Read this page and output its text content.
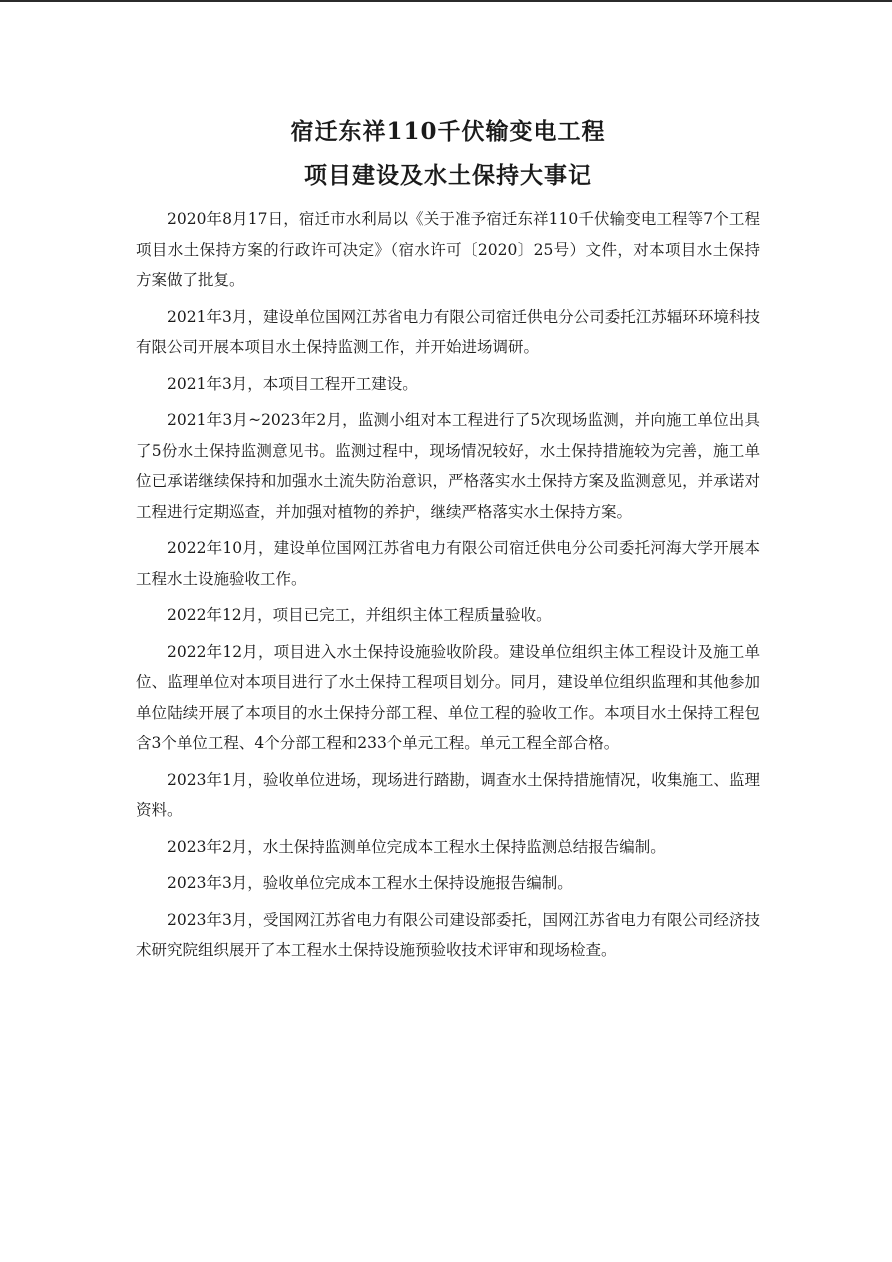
宿迁东祥110千伏输变电工程
项目建设及水土保持大事记

2020年8月17日，宿迁市水利局以《关于准予宿迁东祥110千伏输变电工程等7个工程项目水土保持方案的行政许可决定》（宿水许可〔2020〕25号）文件，对本项目水土保持方案做了批复。

2021年3月，建设单位国网江苏省电力有限公司宿迁供电分公司委托江苏辐环环境科技有限公司开展本项目水土保持监测工作，并开始进场调研。

2021年3月，本项目工程开工建设。

2021年3月~2023年2月，监测小组对本工程进行了5次现场监测，并向施工单位出具了5份水土保持监测意见书。监测过程中，现场情况较好，水土保持措施较为完善，施工单位已承诺继续保持和加强水土流失防治意识，严格落实水土保持方案及监测意见，并承诺对工程进行定期巡查，并加强对植物的养护，继续严格落实水土保持方案。

2022年10月，建设单位国网江苏省电力有限公司宿迁供电分公司委托河海大学开展本工程水土设施验收工作。

2022年12月，项目已完工，并组织主体工程质量验收。

2022年12月，项目进入水土保持设施验收阶段。建设单位组织主体工程设计及施工单位、监理单位对本项目进行了水土保持工程项目划分。同月，建设单位组织监理和其他参加单位陆续开展了本项目的水土保持分部工程、单位工程的验收工作。本项目水土保持工程包含3个单位工程、4个分部工程和233个单元工程。单元工程全部合格。

2023年1月，验收单位进场，现场进行踏勘，调查水土保持措施情况，收集施工、监理资料。

2023年2月，水土保持监测单位完成本工程水土保持监测总结报告编制。

2023年3月，验收单位完成本工程水土保持设施报告编制。

2023年3月，受国网江苏省电力有限公司建设部委托，国网江苏省电力有限公司经济技术研究院组织展开了本工程水土保持设施预验收技术评审和现场检查。
